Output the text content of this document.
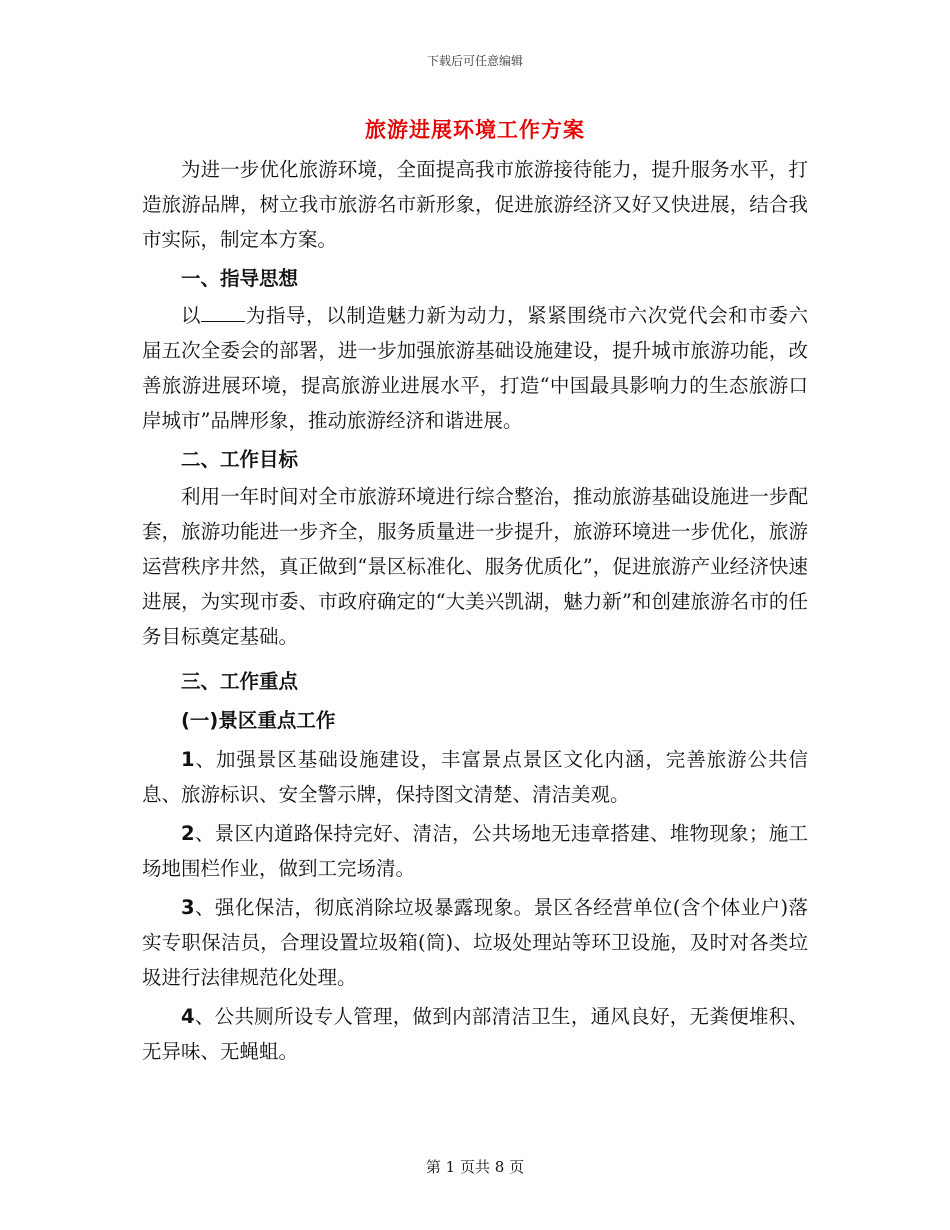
下载后可任意编辑
旅游进展环境工作方案

为进一步优化旅游环境，全面提高我市旅游接待能力，提升服务水平，打造旅游品牌，树立我市旅游名市新形象，促进旅游经济又好又快进展，结合我市实际，制定本方案。

一、指导思想

以 为指导，以制造魅力新为动力，紧紧围绕市六次党代会和市委六届五次全委会的部署，进一步加强旅游基础设施建设，提升城市旅游功能，改善旅游进展环境，提高旅游业进展水平，打造“中国最具影响力的生态旅游口岸城市”品牌形象，推动旅游经济和谐进展。

二、工作目标

利用一年时间对全市旅游环境进行综合整治，推动旅游基础设施进一步配套，旅游功能进一步齐全，服务质量进一步提升，旅游环境进一步优化，旅游运营秩序井然，真正做到“景区标准化、服务优质化”，促进旅游产业经济快速进展，为实现市委、市政府确定的“大美兴凯湖，魅力新”和创建旅游名市的任务目标奠定基础。

三、工作重点

(一)景区重点工作

1、加强景区基础设施建设，丰富景点景区文化内涵，完善旅游公共信息、旅游标识、安全警示牌，保持图文清楚、清洁美观。

2、景区内道路保持完好、清洁，公共场地无违章搭建、堆物现象；施工场地围栏作业，做到工完场清。

3、强化保洁，彻底消除垃圾暴露现象。景区各经营单位(含个体业户)落实专职保洁员，合理设置垃圾箱(筒)、垃圾处理站等环卫设施，及时对各类垃圾进行法律规范化处理。

4、公共厕所设专人管理，做到内部清洁卫生，通风良好，无粪便堆积、无异味、无蝇蛆。

第 1 页共 8 页
